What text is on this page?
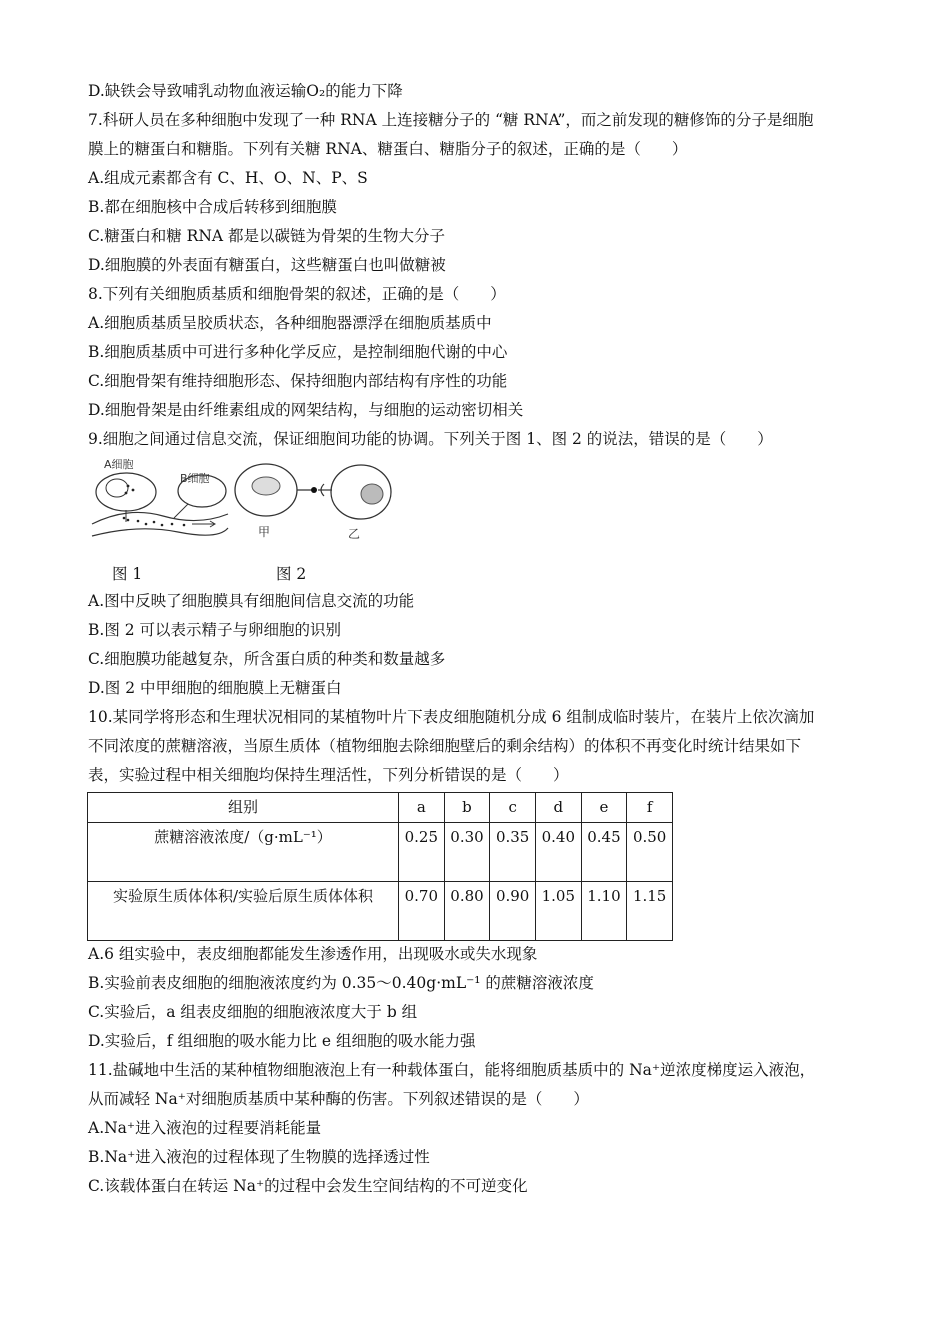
D.缺铁会导致哺乳动物血液运输O₂的能力下降
7.科研人员在多种细胞中发现了一种 RNA 上连接糖分子的 “糖 RNA”，而之前发现的糖修饰的分子是细胞
膜上的糖蛋白和糖脂。下列有关糖 RNA、糖蛋白、糖脂分子的叙述，正确的是（　　）
A.组成元素都含有 C、H、O、N、P、S
B.都在细胞核中合成后转移到细胞膜
C.糖蛋白和糖 RNA 都是以碳链为骨架的生物大分子
D.细胞膜的外表面有糖蛋白，这些糖蛋白也叫做糖被
8.下列有关细胞质基质和细胞骨架的叙述，正确的是（　　）
A.细胞质基质呈胶质状态，各种细胞器漂浮在细胞质基质中
B.细胞质基质中可进行多种化学反应，是控制细胞代谢的中心
C.细胞骨架有维持细胞形态、保持细胞内部结构有序性的功能
D.细胞骨架是由纤维素组成的网架结构，与细胞的运动密切相关
9.细胞之间通过信息交流，保证细胞间功能的协调。下列关于图 1、图 2 的说法，错误的是（　　）
A细胞
B细胞
甲	乙
图 1	图 2
A.图中反映了细胞膜具有细胞间信息交流的功能
B.图 2 可以表示精子与卵细胞的识别
C.细胞膜功能越复杂，所含蛋白质的种类和数量越多
D.图 2 中甲细胞的细胞膜上无糖蛋白
10.某同学将形态和生理状况相同的某植物叶片下表皮细胞随机分成 6 组制成临时装片，在装片上依次滴加
不同浓度的蔗糖溶液，当原生质体（植物细胞去除细胞壁后的剩余结构）的体积不再变化时统计结果如下
表，实验过程中相关细胞均保持生理活性，下列分析错误的是（　　）
组别	a	b	c	d	e	f
蔗糖溶液浓度/（g·mL⁻¹）	0.25	0.30	0.35	0.40	0.45	0.50
实验原生质体体积/实验后原生质体体积	0.70	0.80	0.90	1.05	1.10	1.15
A.6 组实验中，表皮细胞都能发生渗透作用，出现吸水或失水现象
B.实验前表皮细胞的细胞液浓度约为 0.35～0.40g·mL⁻¹ 的蔗糖溶液浓度
C.实验后，a 组表皮细胞的细胞液浓度大于 b 组
D.实验后，f 组细胞的吸水能力比 e 组细胞的吸水能力强
11.盐碱地中生活的某种植物细胞液泡上有一种载体蛋白，能将细胞质基质中的 Na⁺逆浓度梯度运入液泡，
从而减轻 Na⁺对细胞质基质中某种酶的伤害。下列叙述错误的是（　　）
A.Na⁺进入液泡的过程要消耗能量
B.Na⁺进入液泡的过程体现了生物膜的选择透过性
C.该载体蛋白在转运 Na⁺的过程中会发生空间结构的不可逆变化
